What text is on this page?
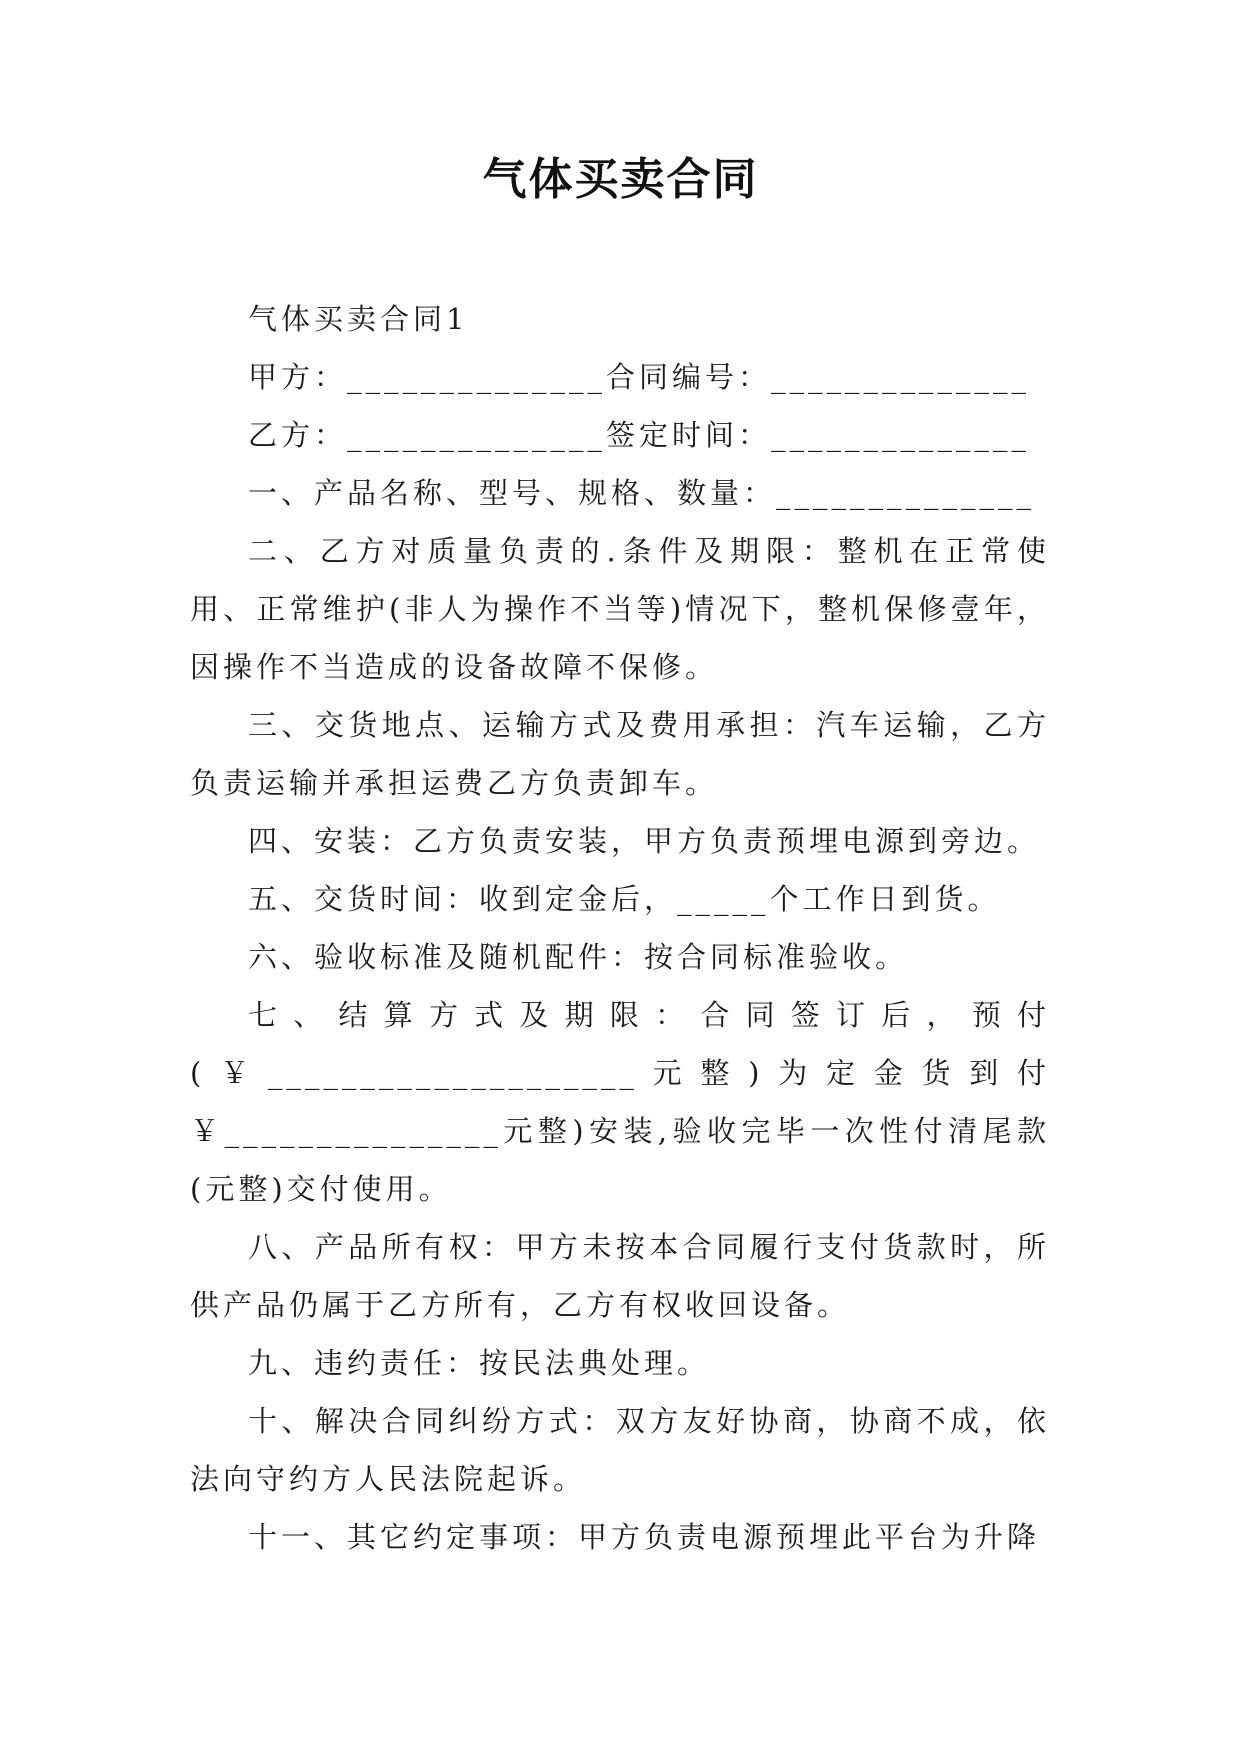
气体买卖合同

气体买卖合同1

甲方：______________合同编号：______________

乙方：______________签定时间：______________

一、产品名称、型号、规格、数量：______________

二、乙方对质量负责的.条件及期限：整机在正常使用、正常维护(非人为操作不当等)情况下，整机保修壹年，因操作不当造成的设备故障不保修。

三、交货地点、运输方式及费用承担：汽车运输，乙方负责运输并承担运费乙方负责卸车。

四、安装：乙方负责安装，甲方负责预埋电源到旁边。

五、交货时间：收到定金后，_____个工作日到货。

六、验收标准及随机配件：按合同标准验收。

七、结算方式及期限：合同签订后，预付(￥____________________元整)为定金货到付￥_______________元整)安装,验收完毕一次性付清尾款(元整)交付使用。

八、产品所有权：甲方未按本合同履行支付货款时，所供产品仍属于乙方所有，乙方有权收回设备。

九、违约责任：按民法典处理。

十、解决合同纠纷方式：双方友好协商，协商不成，依法向守约方人民法院起诉。

十一、其它约定事项：甲方负责电源预埋此平台为升降
